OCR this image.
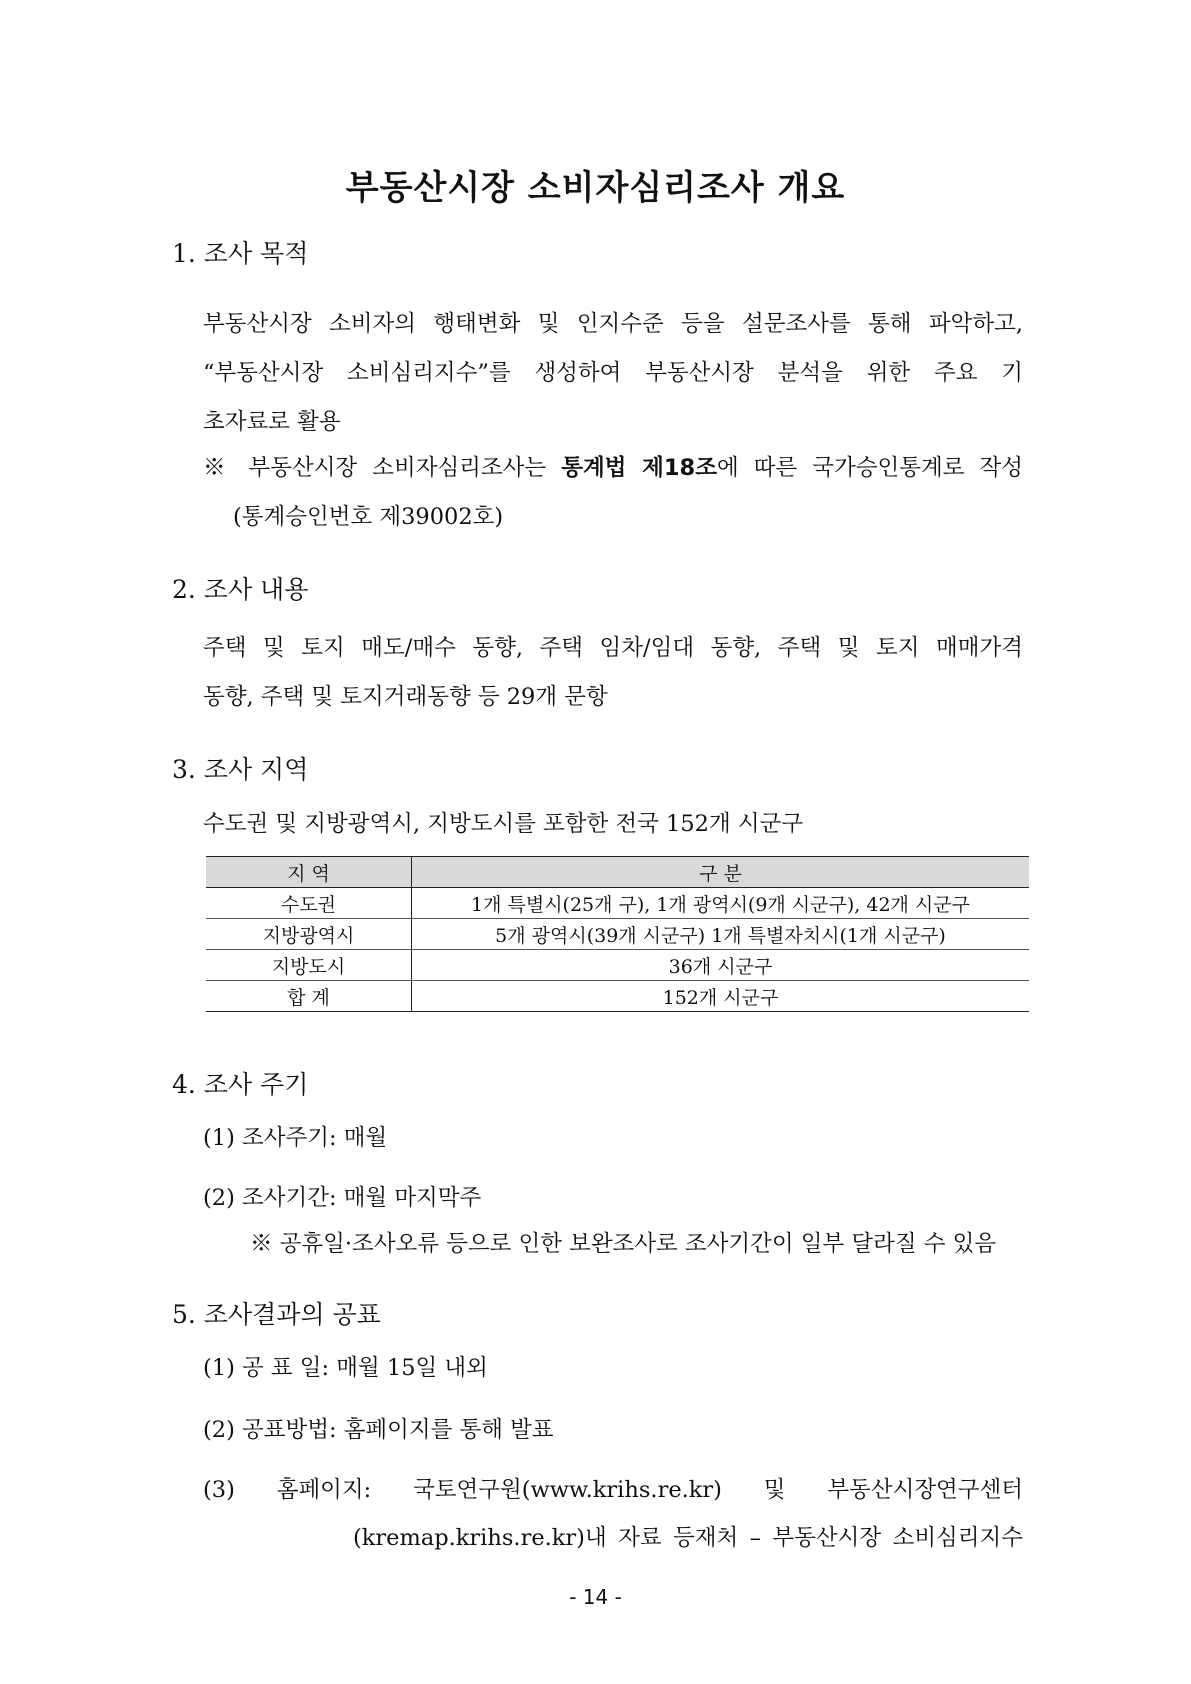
부동산시장 소비자심리조사 개요
1. 조사 목적
부동산시장 소비자의 행태변화 및 인지수준 등을 설문조사를 통해 파악하고,
“부동산시장 소비심리지수”를 생성하여 부동산시장 분석을 위한 주요 기
초자료로 활용
※ 부동산시장 소비자심리조사는 통계법 제18조에 따른 국가승인통계로 작성
(통계승인번호 제39002호)
2. 조사 내용
주택 및 토지 매도/매수 동향, 주택 임차/임대 동향, 주택 및 토지 매매가격
동향, 주택 및 토지거래동향 등 29개 문항
3. 조사 지역
수도권 및 지방광역시, 지방도시를 포함한 전국 152개 시군구
지 역	구 분
수도권	1개 특별시(25개 구), 1개 광역시(9개 시군구), 42개 시군구
지방광역시	5개 광역시(39개 시군구) 1개 특별자치시(1개 시군구)
지방도시	36개 시군구
합 계	152개 시군구
4. 조사 주기
(1) 조사주기: 매월
(2) 조사기간: 매월 마지막주
※ 공휴일·조사오류 등으로 인한 보완조사로 조사기간이 일부 달라질 수 있음
5. 조사결과의 공표
(1) 공 표 일: 매월 15일 내외
(2) 공표방법: 홈페이지를 통해 발표
(3) 홈페이지: 국토연구원(www.krihs.re.kr) 및 부동산시장연구센터
(kremap.krihs.re.kr)내 자료 등재처 – 부동산시장 소비심리지수
- 14 -
